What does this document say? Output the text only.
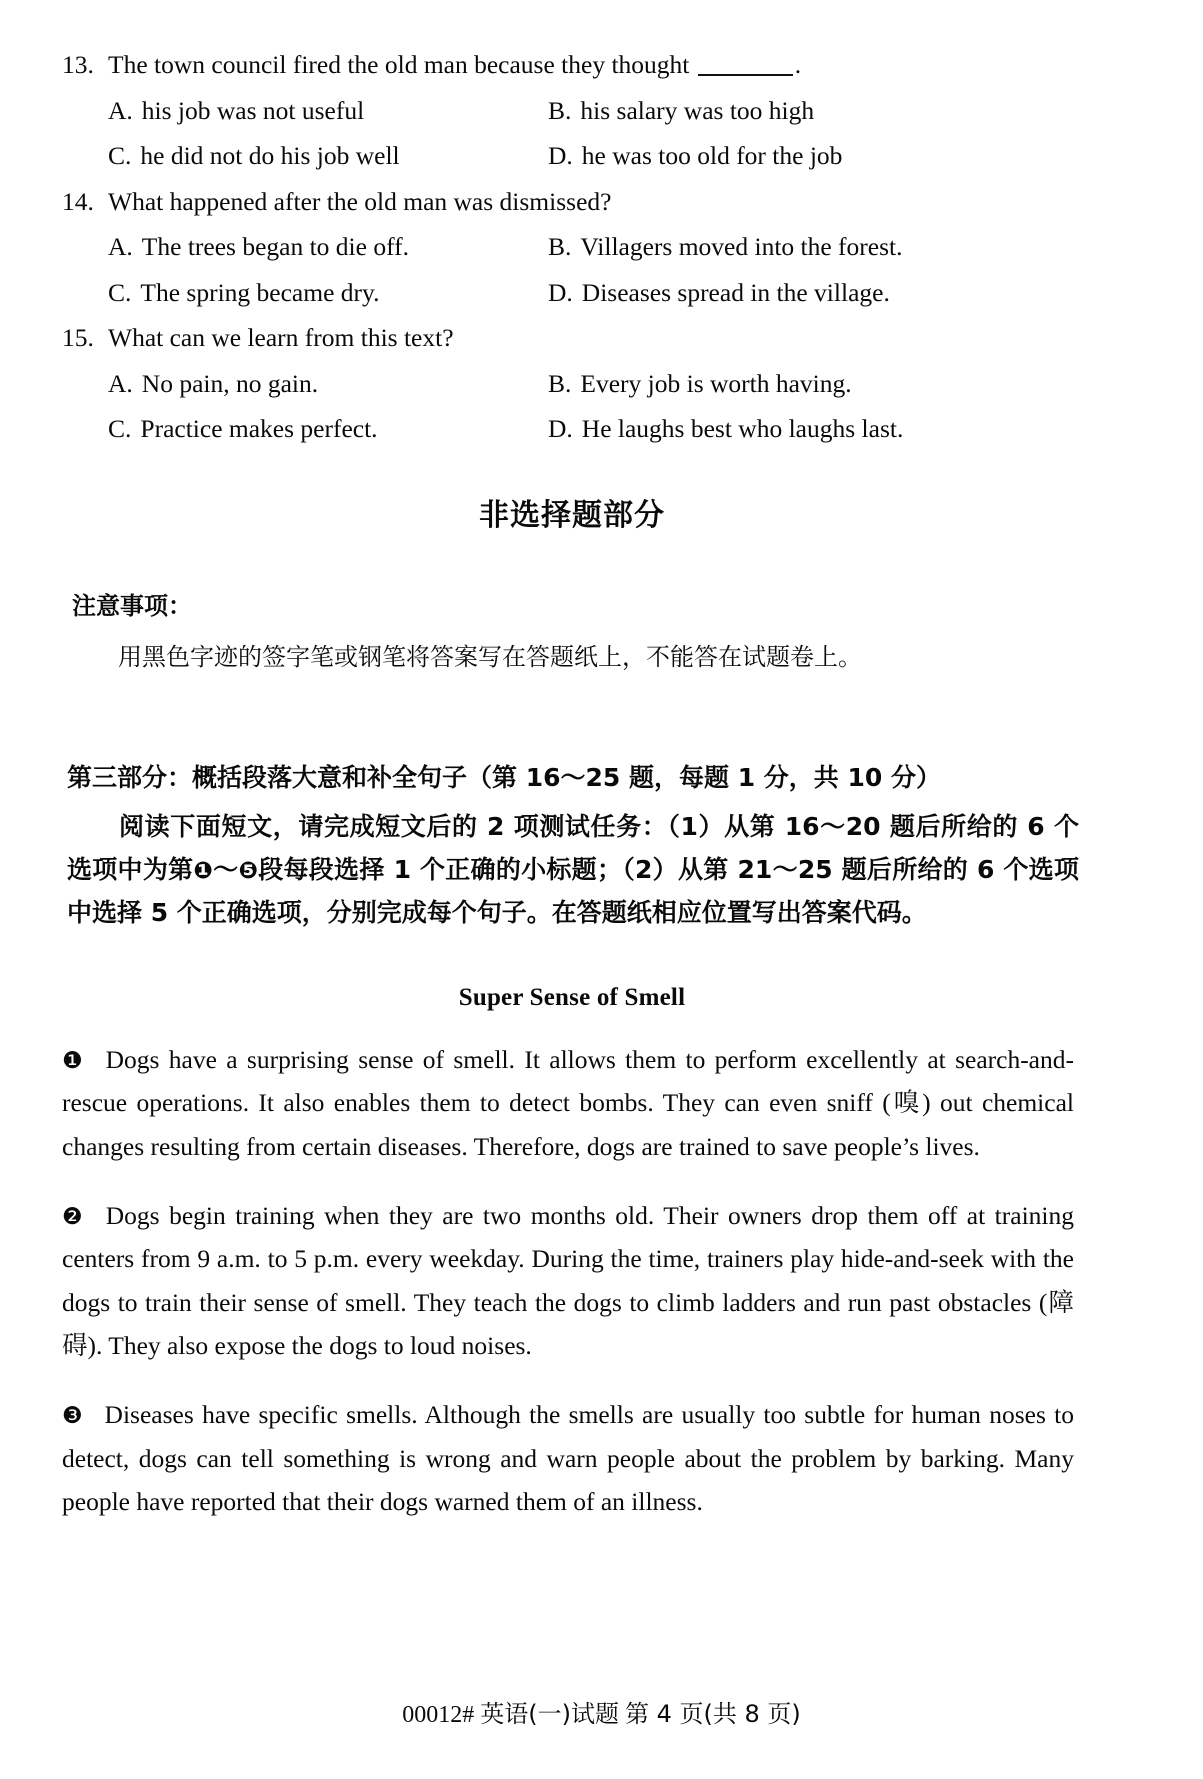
13. The town council fired the old man because they thought	.
A. his job was not useful	B. his salary was too high
C. he did not do his job well	D. he was too old for the job
14. What happened after the old man was dismissed?
A. The trees began to die off.	B. Villagers moved into the forest.
C. The spring became dry.	D. Diseases spread in the village.
15. What can we learn from this text?
A. No pain, no gain.	B. Every job is worth having.
C. Practice makes perfect.	D. He laughs best who laughs last.
非选择题部分
注意事项：
用黑色字迹的签字笔或钢笔将答案写在答题纸上，不能答在试题卷上。
第三部分：概括段落大意和补全句子（第 16～25 题，每题 1 分，共 10 分）
阅读下面短文，请完成短文后的 2 项测试任务：（1）从第 16～20 题后所给的 6 个选项中为第❶～❺段每段选择 1 个正确的小标题；（2）从第 21～25 题后所给的 6 个选项中选择 5 个正确选项，分别完成每个句子。在答题纸相应位置写出答案代码。
Super Sense of Smell
❶ Dogs have a surprising sense of smell. It allows them to perform excellently at search-and-rescue operations. It also enables them to detect bombs. They can even sniff (嗅) out chemical changes resulting from certain diseases. Therefore, dogs are trained to save people’s lives.
❷ Dogs begin training when they are two months old. Their owners drop them off at training centers from 9 a.m. to 5 p.m. every weekday. During the time, trainers play hide-and-seek with the dogs to train their sense of smell. They teach the dogs to climb ladders and run past obstacles (障碍). They also expose the dogs to loud noises.
❸ Diseases have specific smells. Although the smells are usually too subtle for human noses to detect, dogs can tell something is wrong and warn people about the problem by barking. Many people have reported that their dogs warned them of an illness.
00012# 英语(一)试题 第 4 页(共 8 页)
